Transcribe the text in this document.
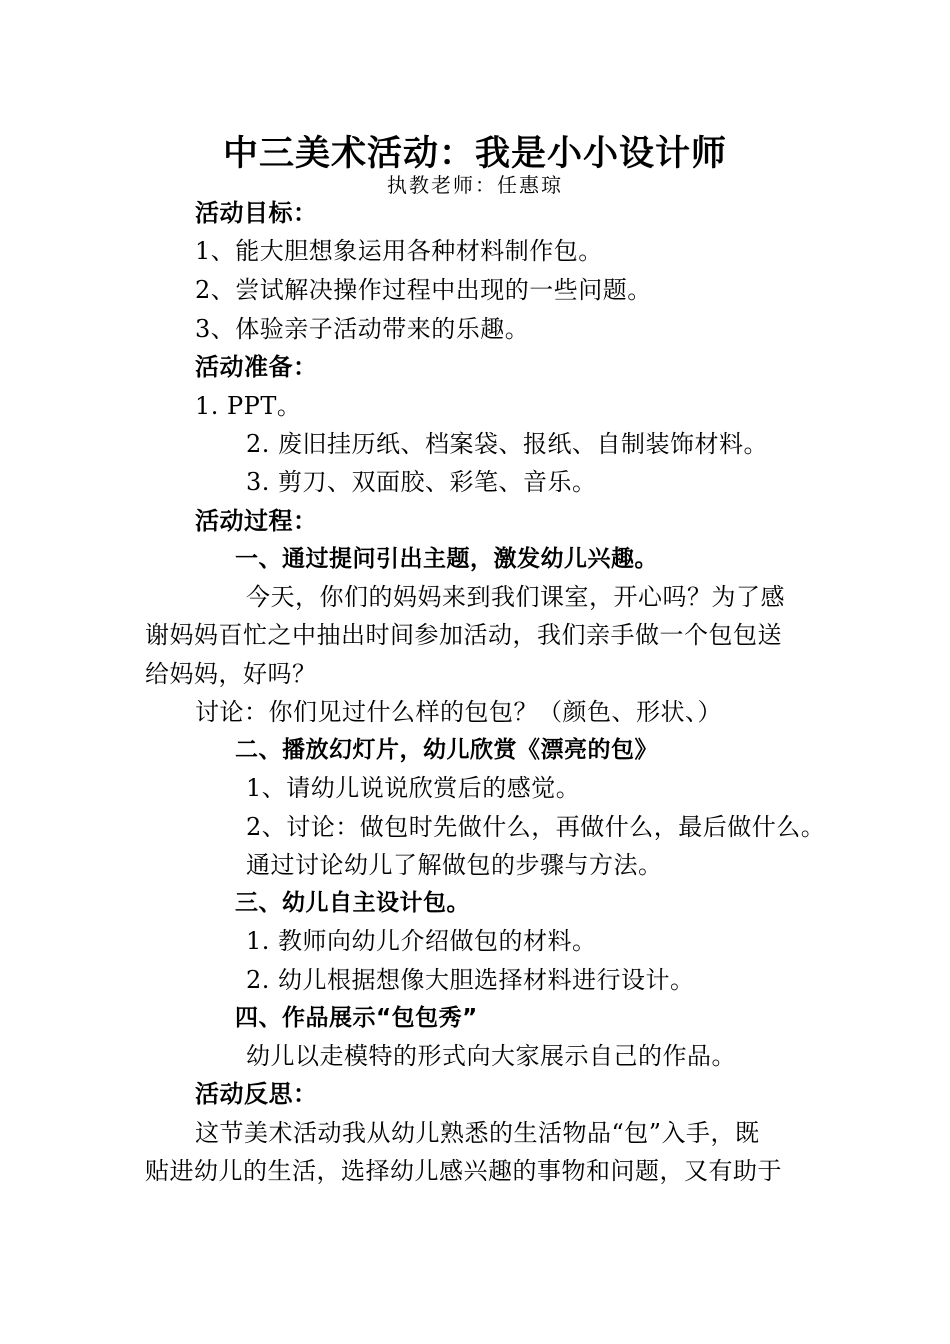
中三美术活动：我是小小设计师
执教老师：任惠琼
活动目标：
1、能大胆想象运用各种材料制作包。
2、尝试解决操作过程中出现的一些问题。
3、体验亲子活动带来的乐趣。
活动准备：
1. PPT。
2. 废旧挂历纸、档案袋、报纸、自制装饰材料。
3. 剪刀、双面胶、彩笔、音乐。
活动过程：
一、通过提问引出主题，激发幼儿兴趣。
今天，你们的妈妈来到我们课室，开心吗？为了感
谢妈妈百忙之中抽出时间参加活动，我们亲手做一个包包送
给妈妈，好吗？
讨论：你们见过什么样的包包？（颜色、形状、）
二、播放幻灯片，幼儿欣赏《漂亮的包》
1、请幼儿说说欣赏后的感觉。
2、讨论：做包时先做什么，再做什么，最后做什么。
通过讨论幼儿了解做包的步骤与方法。
三、幼儿自主设计包。
1. 教师向幼儿介绍做包的材料。
2. 幼儿根据想像大胆选择材料进行设计。
四、作品展示“包包秀”
幼儿以走模特的形式向大家展示自己的作品。
活动反思：
这节美术活动我从幼儿熟悉的生活物品“包”入手，既
贴进幼儿的生活，选择幼儿感兴趣的事物和问题，又有助于
